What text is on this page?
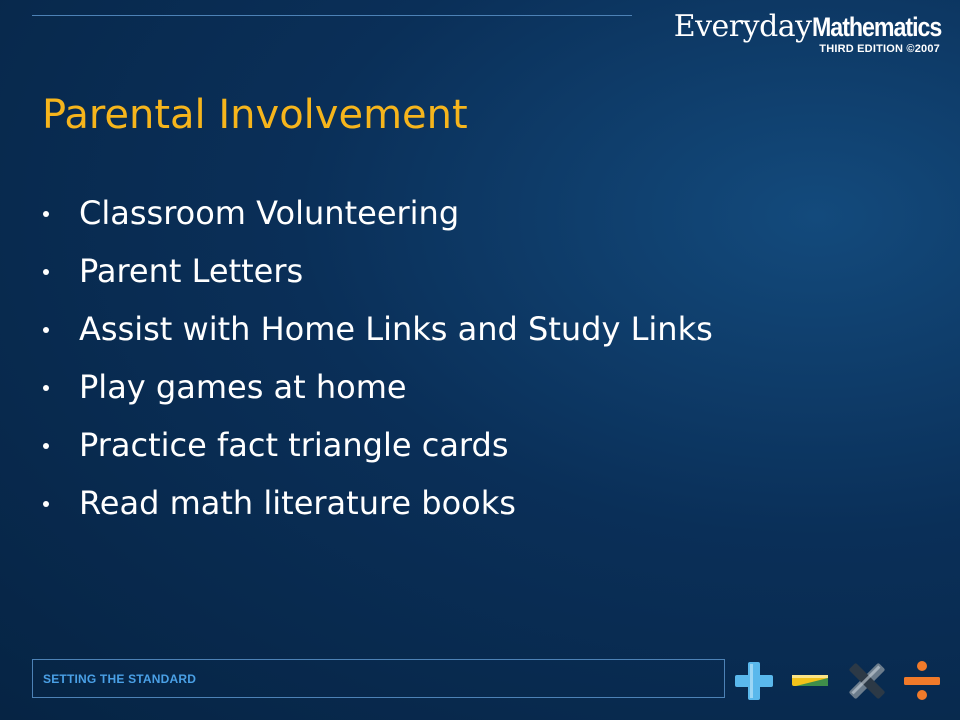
EverydayMathematics
THIRD EDITION ©2007
Parental Involvement
Classroom Volunteering
Parent Letters
Assist with Home Links and Study Links
Play games at home
Practice fact triangle cards
Read math literature books
SETTING THE STANDARD
